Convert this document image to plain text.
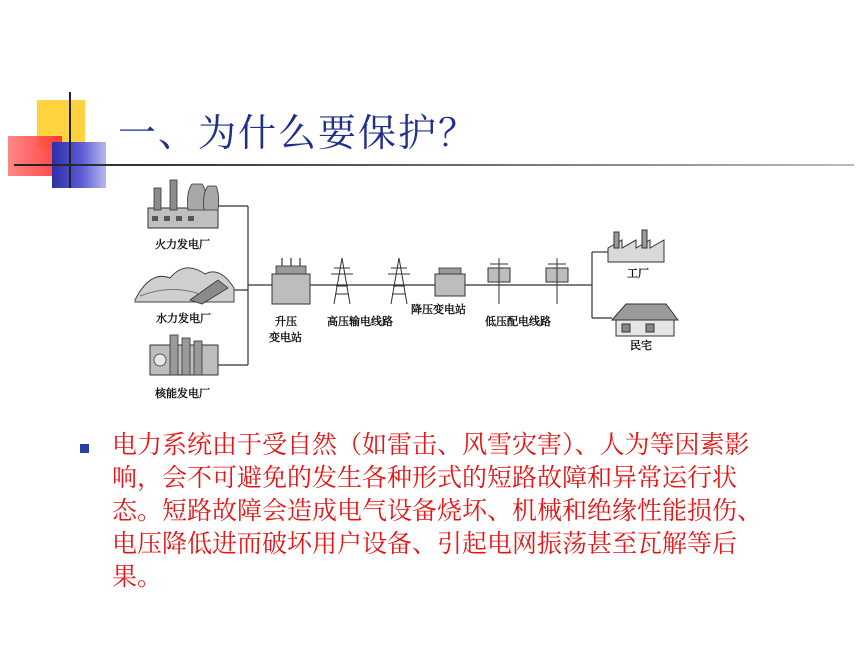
一、为什么要保护？
火力发电厂
水力发电厂
核能发电厂
升压
变电站
高压输电线路
降压变电站
低压配电线路
工厂
民宅
电力系统由于受自然（如雷击、风雪灾害）、人为等因素影响，会不可避免的发生各种形式的短路故障和异常运行状态。短路故障会造成电气设备烧坏、机械和绝缘性能损伤、电压降低进而破坏用户设备、引起电网振荡甚至瓦解等后果。
